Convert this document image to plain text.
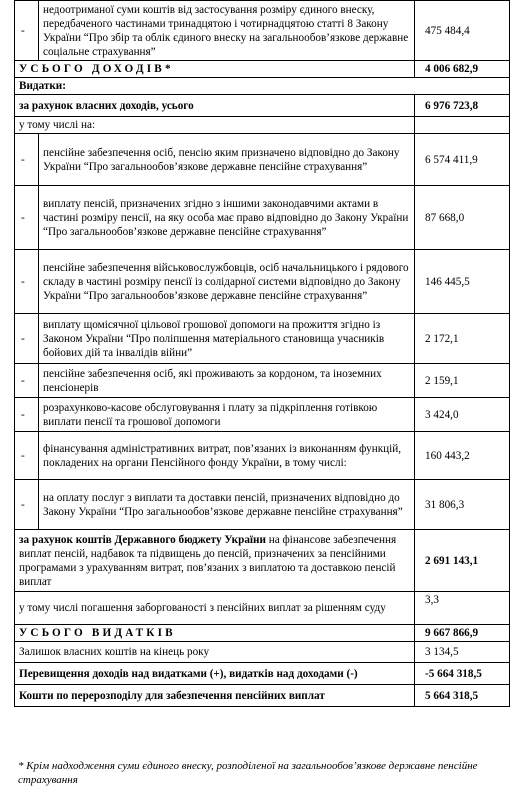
-	недоотриманої суми коштів від застосування розміру єдиного внеску, передбаченого частинами тринадцятою і чотирнадцятою статті 8 Закону України “Про збір та облік єдиного внеску на загальнообов’язкове державне соціальне страхування”	475 484,4
УСЬОГО ДОХОДІВ*		4 006 682,9
Видатки:		
за рахунок власних доходів, усього		6 976 723,8
у тому числі на:		
-	пенсійне забезпечення осіб, пенсію яким призначено відповідно до Закону України “Про загальнообов’язкове державне пенсійне страхування”	6 574 411,9
-	виплату пенсій, призначених згідно з іншими законодавчими актами в частині розміру пенсії, на яку особа має право відповідно до Закону України “Про загальнообов’язкове державне пенсійне страхування”	87 668,0
-	пенсійне забезпечення військовослужбовців, осіб начальницького і рядового складу в частині розміру пенсії із солідарної системи відповідно до Закону України “Про загальнообов’язкове державне пенсійне страхування”	146 445,5
-	виплату щомісячної цільової грошової допомоги на прожиття згідно із Законом України “Про поліпшення матеріального становища учасників бойових дій та інвалідів війни”	2 172,1
-	пенсійне забезпечення осіб, які проживають за кордоном, та іноземних пенсіонерів	2 159,1
-	розрахунково-касове обслуговування і плату за підкріплення готівкою виплати пенсії та грошової допомоги	3 424,0
-	фінансування адміністративних витрат, пов’язаних із виконанням функцій, покладених на органи Пенсійного фонду України, в тому числі:	160 443,2
-	на оплату послуг з виплати та доставки пенсій, призначених відповідно до Закону України “Про загальнообов’язкове державне пенсійне страхування”	31 806,3
за рахунок коштів Державного бюджету України на фінансове забезпечення виплат пенсій, надбавок та підвищень до пенсій, призначених за пенсійними програмами з урахуванням витрат, пов’язаних з виплатою та доставкою пенсій виплат		2 691 143,1
у тому числі погашення заборгованості з пенсійних виплат за рішенням суду		3,3
УСЬОГО ВИДАТКІВ		9 667 866,9
Залишок власних коштів на кінець року		3 134,5
Перевищення доходів над видатками (+), видатків над доходами (-)		-5 664 318,5
Кошти по перерозподілу для забезпечення пенсійних виплат		5 664 318,5
* Крім надходження суми єдиного внеску, розподіленої на загальнообов’язкове державне пенсійне страхування
